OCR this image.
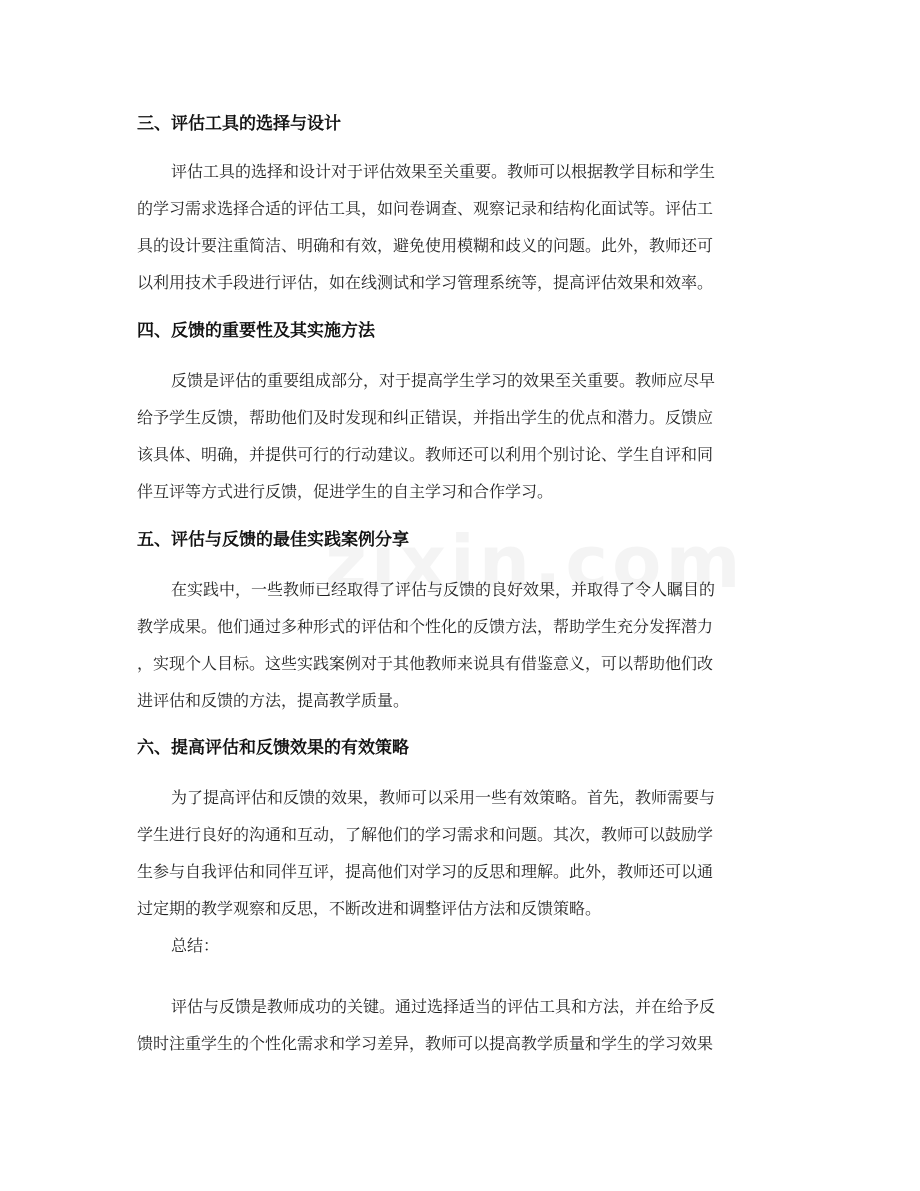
三、评估工具的选择与设计
评估工具的选择和设计对于评估效果至关重要。教师可以根据教学目标和学生
的学习需求选择合适的评估工具，如问卷调查、观察记录和结构化面试等。评估工
具的设计要注重简洁、明确和有效，避免使用模糊和歧义的问题。此外，教师还可
以利用技术手段进行评估，如在线测试和学习管理系统等，提高评估效果和效率。
四、反馈的重要性及其实施方法
反馈是评估的重要组成部分，对于提高学生学习的效果至关重要。教师应尽早
给予学生反馈，帮助他们及时发现和纠正错误，并指出学生的优点和潜力。反馈应
该具体、明确，并提供可行的行动建议。教师还可以利用个别讨论、学生自评和同
伴互评等方式进行反馈，促进学生的自主学习和合作学习。
五、评估与反馈的最佳实践案例分享
在实践中，一些教师已经取得了评估与反馈的良好效果，并取得了令人瞩目的
教学成果。他们通过多种形式的评估和个性化的反馈方法，帮助学生充分发挥潜力
，实现个人目标。这些实践案例对于其他教师来说具有借鉴意义，可以帮助他们改
进评估和反馈的方法，提高教学质量。
六、提高评估和反馈效果的有效策略
为了提高评估和反馈的效果，教师可以采用一些有效策略。首先，教师需要与
学生进行良好的沟通和互动，了解他们的学习需求和问题。其次，教师可以鼓励学
生参与自我评估和同伴互评，提高他们对学习的反思和理解。此外，教师还可以通
过定期的教学观察和反思，不断改进和调整评估方法和反馈策略。
总结：
评估与反馈是教师成功的关键。通过选择适当的评估工具和方法，并在给予反
馈时注重学生的个性化需求和学习差异，教师可以提高教学质量和学生的学习效果
